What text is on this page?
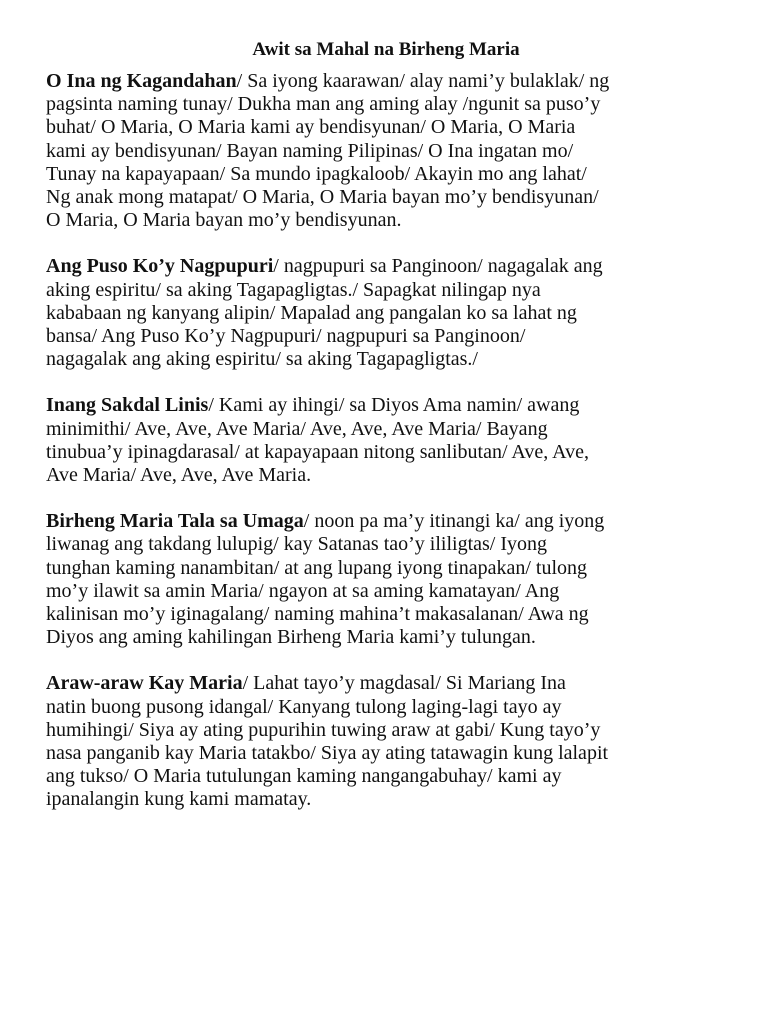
Awit sa Mahal na Birheng Maria
O Ina ng Kagandahan/ Sa iyong kaarawan/ alay nami’y bulaklak/ ng
pagsinta naming tunay/ Dukha man ang aming alay /ngunit sa puso’y
buhat/ O Maria, O Maria kami ay bendisyunan/ O Maria, O Maria
kami ay bendisyunan/ Bayan naming Pilipinas/ O Ina ingatan mo/
Tunay na kapayapaan/ Sa mundo ipagkaloob/ Akayin mo ang lahat/
Ng anak mong matapat/ O Maria, O Maria bayan mo’y bendisyunan/
O Maria, O Maria bayan mo’y bendisyunan.
Ang Puso Ko’y Nagpupuri/ nagpupuri sa Panginoon/ nagagalak ang
aking espiritu/ sa aking Tagapagligtas./ Sapagkat nilingap nya
kababaan ng kanyang alipin/ Mapalad ang pangalan ko sa lahat ng
bansa/ Ang Puso Ko’y Nagpupuri/ nagpupuri sa Panginoon/
nagagalak ang aking espiritu/ sa aking Tagapagligtas./
Inang Sakdal Linis/ Kami ay ihingi/ sa Diyos Ama namin/ awang
minimithi/ Ave, Ave, Ave Maria/ Ave, Ave, Ave Maria/ Bayang
tinubua’y ipinagdarasal/ at kapayapaan nitong sanlibutan/ Ave, Ave,
Ave Maria/ Ave, Ave, Ave Maria.
Birheng Maria Tala sa Umaga/ noon pa ma’y itinangi ka/ ang iyong
liwanag ang takdang lulupig/ kay Satanas tao’y ililigtas/ Iyong
tunghan kaming nanambitan/ at ang lupang iyong tinapakan/ tulong
mo’y ilawit sa amin Maria/ ngayon at sa aming kamatayan/ Ang
kalinisan mo’y iginagalang/ naming mahina’t makasalanan/ Awa ng
Diyos ang aming kahilingan Birheng Maria kami’y tulungan.
Araw-araw Kay Maria/ Lahat tayo’y magdasal/ Si Mariang Ina
natin buong pusong idangal/ Kanyang tulong laging-lagi tayo ay
humihingi/ Siya ay ating pupurihin tuwing araw at gabi/ Kung tayo’y
nasa panganib kay Maria tatakbo/ Siya ay ating tatawagin kung lalapit
ang tukso/ O Maria tutulungan kaming nangangabuhay/ kami ay
ipanalangin kung kami mamatay.
